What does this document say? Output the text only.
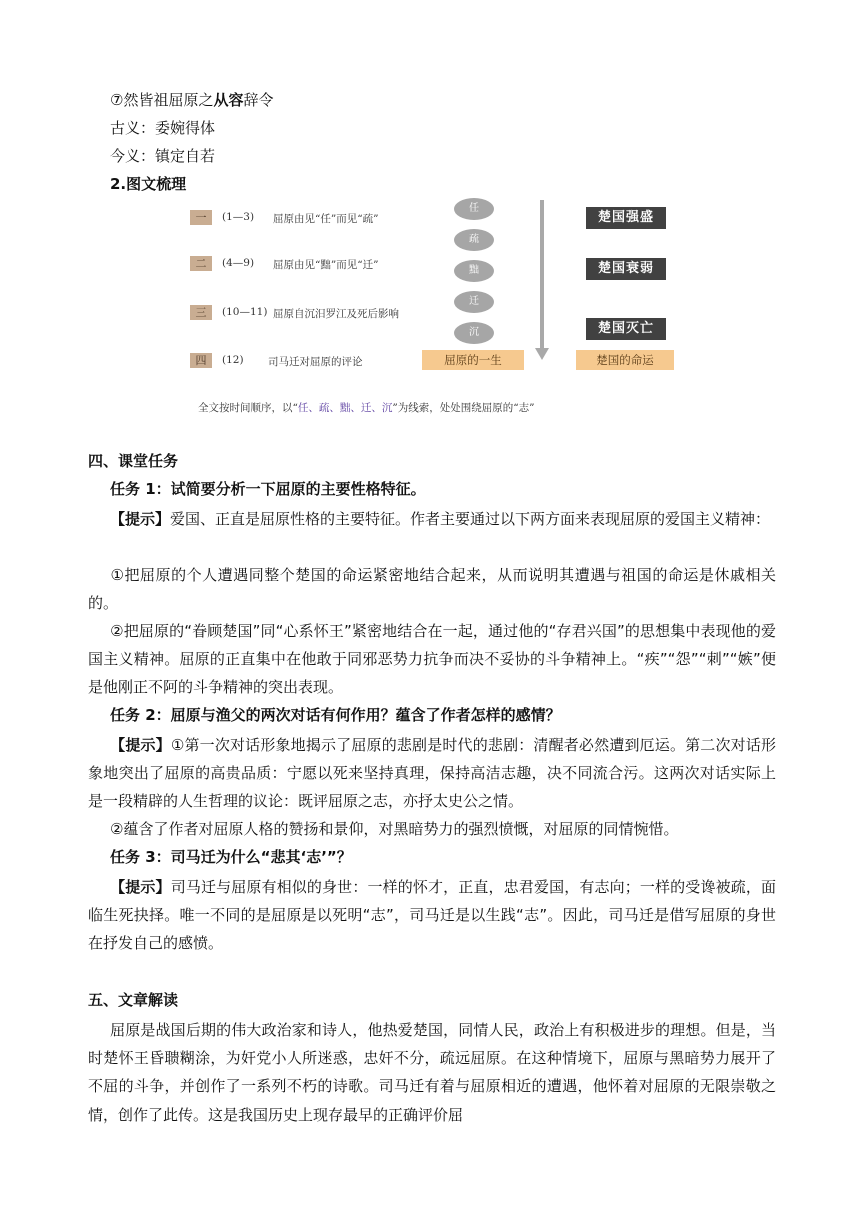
⑦然皆祖屈原之从容辞令
古义：委婉得体
今义：镇定自若
2.图文梳理
一	(1—3) 屈原由见“任”而见“疏”
二	(4—9) 屈原由见“黜”而见“迁”
三	(10—11) 屈原自沉汨罗江及死后影响
四	(12) 司马迁对屈原的评论
任
疏
黜
迁
沉
楚国强盛
楚国衰弱
楚国灭亡
屈原的一生	楚国的命运
全文按时间顺序，以“任、疏、黜、迁、沉”为线索，处处围绕屈原的“志”
四、课堂任务
任务 1：试简要分析一下屈原的主要性格特征。
【提示】爱国、正直是屈原性格的主要特征。作者主要通过以下两方面来表现屈原的爱国主义精神：
①把屈原的个人遭遇同整个楚国的命运紧密地结合起来，从而说明其遭遇与祖国的命运是休戚相关的。
②把屈原的“眷顾楚国”同“心系怀王”紧密地结合在一起，通过他的“存君兴国”的思想集中表现他的爱国主义精神。屈原的正直集中在他敢于同邪恶势力抗争而决不妥协的斗争精神上。“疾”“怨”“刺”“嫉”便是他刚正不阿的斗争精神的突出表现。
任务 2：屈原与渔父的两次对话有何作用？蕴含了作者怎样的感情？
【提示】①第一次对话形象地揭示了屈原的悲剧是时代的悲剧：清醒者必然遭到厄运。第二次对话形象地突出了屈原的高贵品质：宁愿以死来坚持真理，保持高洁志趣，决不同流合污。这两次对话实际上是一段精辟的人生哲理的议论：既评屈原之志，亦抒太史公之情。
②蕴含了作者对屈原人格的赞扬和景仰，对黑暗势力的强烈愤慨，对屈原的同情惋惜。
任务 3：司马迁为什么“悲其‘志’”？
【提示】司马迁与屈原有相似的身世：一样的怀才，正直，忠君爱国，有志向；一样的受谗被疏，面临生死抉择。唯一不同的是屈原是以死明“志”，司马迁是以生践“志”。因此，司马迁是借写屈原的身世在抒发自己的感愤。
五、文章解读
屈原是战国后期的伟大政治家和诗人，他热爱楚国，同情人民，政治上有积极进步的理想。但是，当时楚怀王昏聩糊涂，为奸党小人所迷惑，忠奸不分，疏远屈原。在这种情境下，屈原与黑暗势力展开了不屈的斗争，并创作了一系列不朽的诗歌。司马迁有着与屈原相近的遭遇，他怀着对屈原的无限崇敬之情，创作了此传。这是我国历史上现存最早的正确评价屈
